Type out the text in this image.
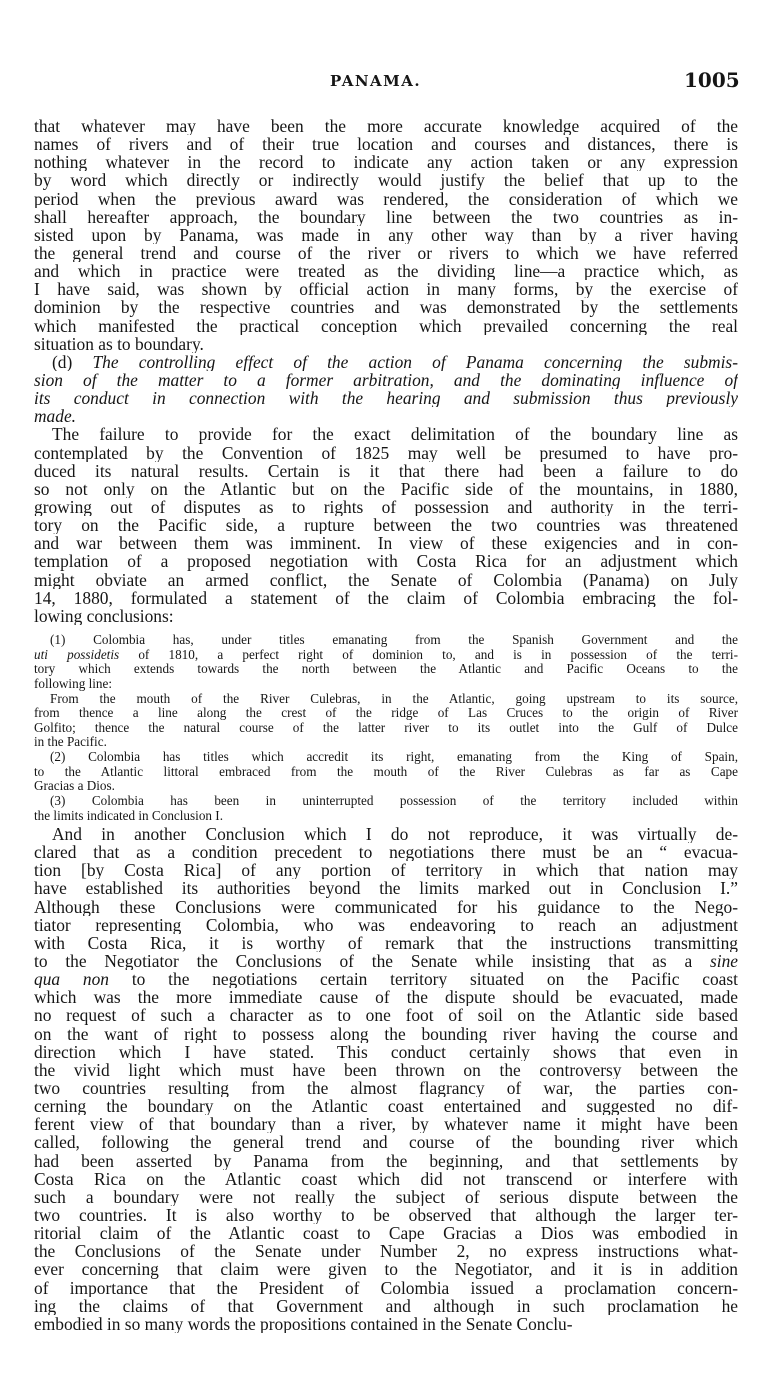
PANAMA.	1005
that whatever may have been the more accurate knowledge acquired of the
names of rivers and of their true location and courses and distances, there is
nothing whatever in the record to indicate any action taken or any expression
by word which directly or indirectly would justify the belief that up to the
period when the previous award was rendered, the consideration of which we
shall hereafter approach, the boundary line between the two countries as in-
sisted upon by Panama, was made in any other way than by a river having
the general trend and course of the river or rivers to which we have referred
and which in practice were treated as the dividing line—a practice which, as
I have said, was shown by official action in many forms, by the exercise of
dominion by the respective countries and was demonstrated by the settlements
which manifested the practical conception which prevailed concerning the real
situation as to boundary.
(d) The controlling effect of the action of Panama concerning the submis-
sion of the matter to a former arbitration, and the dominating influence of
its conduct in connection with the hearing and submission thus previously
made.
The failure to provide for the exact delimitation of the boundary line as
contemplated by the Convention of 1825 may well be presumed to have pro-
duced its natural results. Certain is it that there had been a failure to do
so not only on the Atlantic but on the Pacific side of the mountains, in 1880,
growing out of disputes as to rights of possession and authority in the terri-
tory on the Pacific side, a rupture between the two countries was threatened
and war between them was imminent. In view of these exigencies and in con-
templation of a proposed negotiation with Costa Rica for an adjustment which
might obviate an armed conflict, the Senate of Colombia (Panama) on July
14, 1880, formulated a statement of the claim of Colombia embracing the fol-
lowing conclusions:
(1) Colombia has, under titles emanating from the Spanish Government and the
uti possidetis of 1810, a perfect right of dominion to, and is in possession of the terri-
tory which extends towards the north between the Atlantic and Pacific Oceans to the
following line:
From the mouth of the River Culebras, in the Atlantic, going upstream to its source,
from thence a line along the crest of the ridge of Las Cruces to the origin of River
Golfito; thence the natural course of the latter river to its outlet into the Gulf of Dulce
in the Pacific.
(2) Colombia has titles which accredit its right, emanating from the King of Spain,
to the Atlantic littoral embraced from the mouth of the River Culebras as far as Cape
Gracias a Dios.
(3) Colombia has been in uninterrupted possession of the territory included within
the limits indicated in Conclusion I.
And in another Conclusion which I do not reproduce, it was virtually de-
clared that as a condition precedent to negotiations there must be an “ evacua-
tion [by Costa Rica] of any portion of territory in which that nation may
have established its authorities beyond the limits marked out in Conclusion I.”
Although these Conclusions were communicated for his guidance to the Nego-
tiator representing Colombia, who was endeavoring to reach an adjustment
with Costa Rica, it is worthy of remark that the instructions transmitting
to the Negotiator the Conclusions of the Senate while insisting that as a sine
qua non to the negotiations certain territory situated on the Pacific coast
which was the more immediate cause of the dispute should be evacuated, made
no request of such a character as to one foot of soil on the Atlantic side based
on the want of right to possess along the bounding river having the course and
direction which I have stated. This conduct certainly shows that even in
the vivid light which must have been thrown on the controversy between the
two countries resulting from the almost flagrancy of war, the parties con-
cerning the boundary on the Atlantic coast entertained and suggested no dif-
ferent view of that boundary than a river, by whatever name it might have been
called, following the general trend and course of the bounding river which
had been asserted by Panama from the beginning, and that settlements by
Costa Rica on the Atlantic coast which did not transcend or interfere with
such a boundary were not really the subject of serious dispute between the
two countries. It is also worthy to be observed that although the larger ter-
ritorial claim of the Atlantic coast to Cape Gracias a Dios was embodied in
the Conclusions of the Senate under Number 2, no express instructions what-
ever concerning that claim were given to the Negotiator, and it is in addition
of importance that the President of Colombia issued a proclamation concern-
ing the claims of that Government and although in such proclamation he
embodied in so many words the propositions contained in the Senate Conclu-
